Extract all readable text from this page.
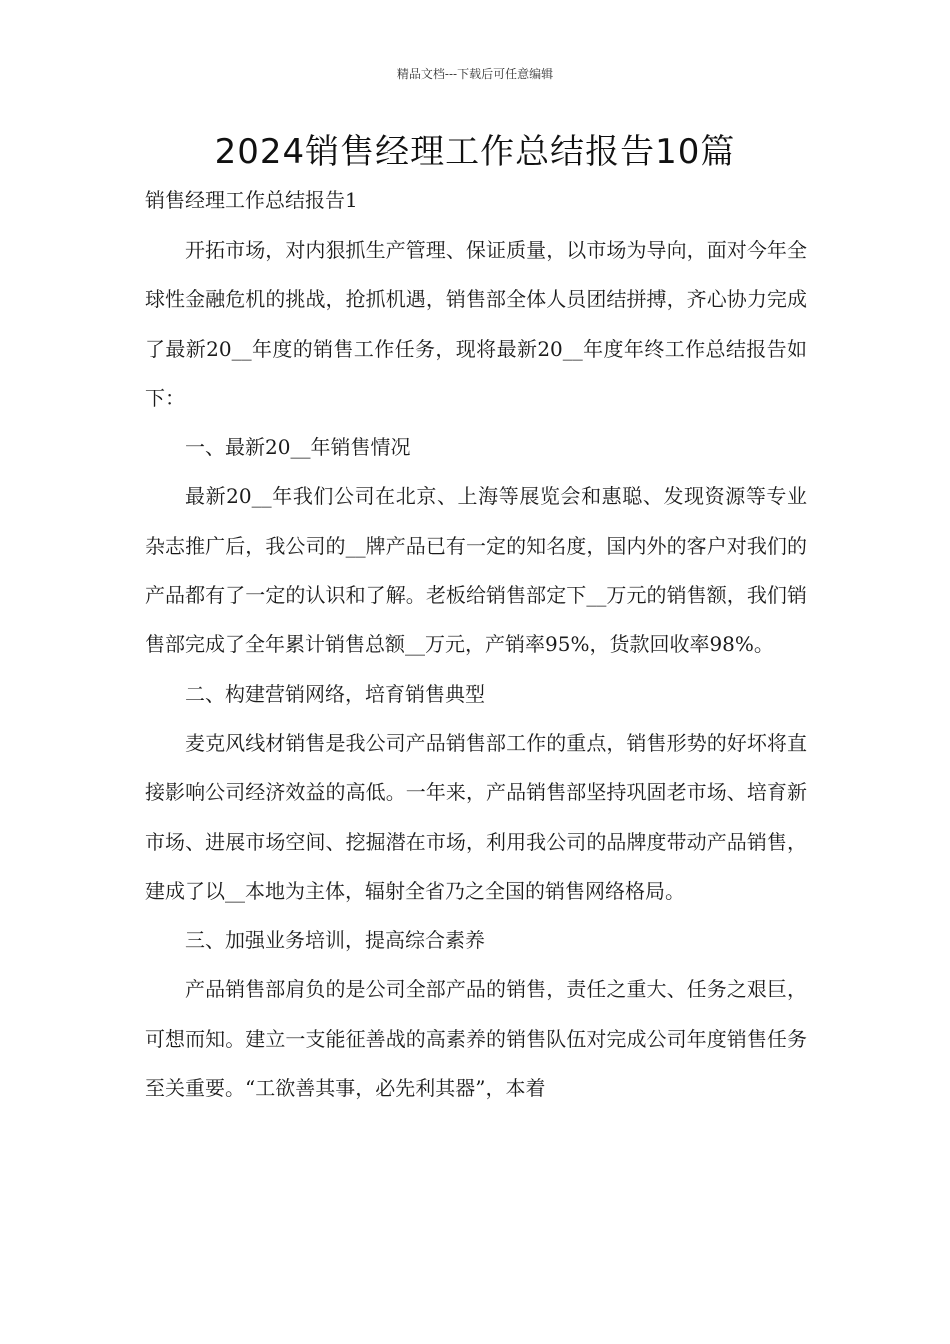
精品文档---下载后可任意编辑
2024销售经理工作总结报告10篇
销售经理工作总结报告1

开拓市场，对内狠抓生产管理、保证质量，以市场为导向，面对今年全球性金融危机的挑战，抢抓机遇，销售部全体人员团结拼搏，齐心协力完成了最新20__年度的销售工作任务，现将最新20__年度年终工作总结报告如下：

一、最新20__年销售情况

最新20__年我们公司在北京、上海等展览会和惠聪、发现资源等专业杂志推广后，我公司的__牌产品已有一定的知名度，国内外的客户对我们的产品都有了一定的认识和了解。老板给销售部定下__万元的销售额，我们销售部完成了全年累计销售总额__万元，产销率95%，货款回收率98%。

二、构建营销网络，培育销售典型

麦克风线材销售是我公司产品销售部工作的重点，销售形势的好坏将直接影响公司经济效益的高低。一年来，产品销售部坚持巩固老市场、培育新市场、进展市场空间、挖掘潜在市场，利用我公司的品牌度带动产品销售，建成了以__本地为主体，辐射全省乃之全国的销售网络格局。

三、加强业务培训，提高综合素养

产品销售部肩负的是公司全部产品的销售，责任之重大、任务之艰巨，可想而知。建立一支能征善战的高素养的销售队伍对完成公司年度销售任务至关重要。“工欲善其事，必先利其器”，本着
